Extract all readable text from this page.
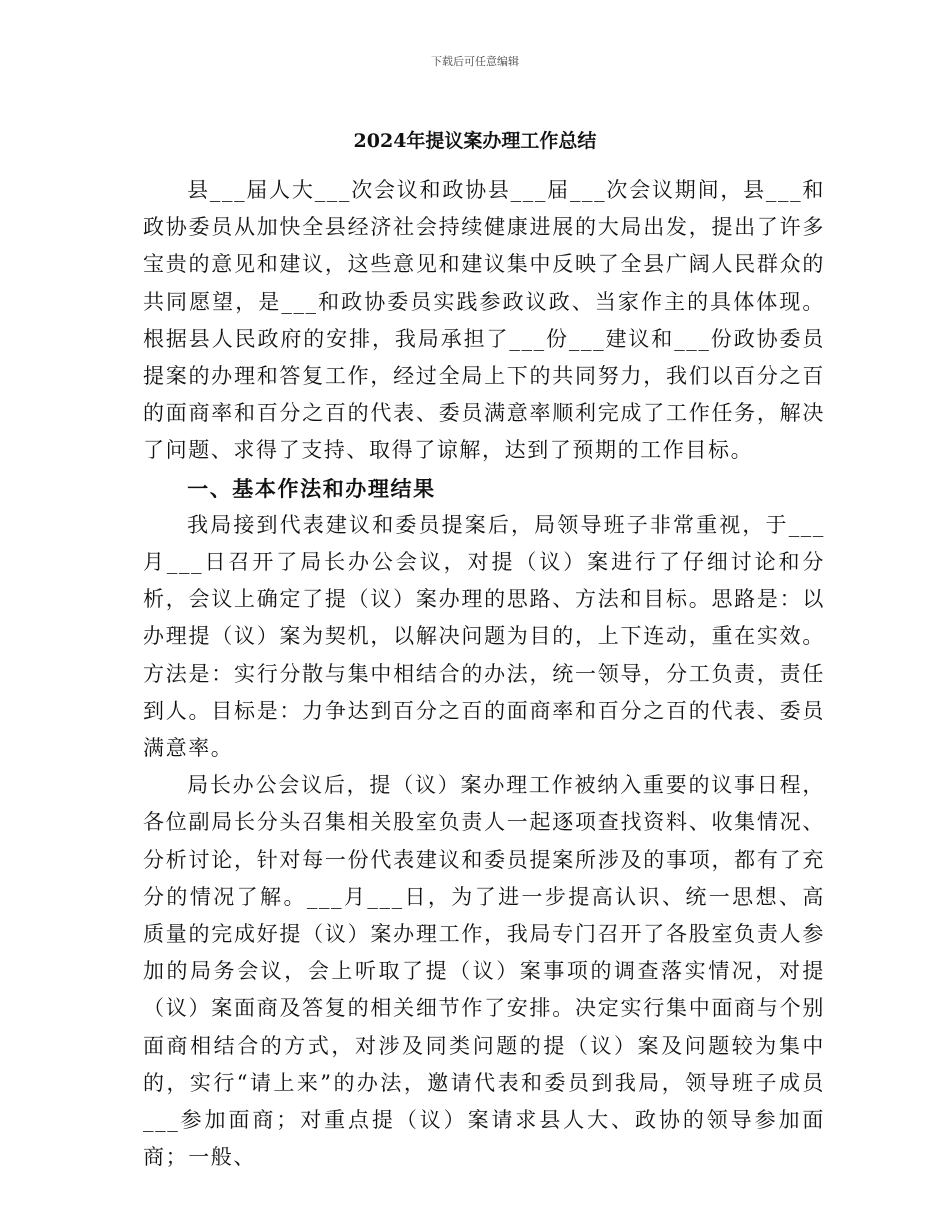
下载后可任意编辑
2024年提议案办理工作总结

县___届人大___次会议和政协县___届___次会议期间，县___和政协委员从加快全县经济社会持续健康进展的大局出发，提出了许多宝贵的意见和建议，这些意见和建议集中反映了全县广阔人民群众的共同愿望，是___和政协委员实践参政议政、当家作主的具体体现。根据县人民政府的安排，我局承担了___份___建议和___份政协委员提案的办理和答复工作，经过全局上下的共同努力，我们以百分之百的面商率和百分之百的代表、委员满意率顺利完成了工作任务，解决了问题、求得了支持、取得了谅解，达到了预期的工作目标。

一、基本作法和办理结果

我局接到代表建议和委员提案后，局领导班子非常重视，于___月___日召开了局长办公会议，对提（议）案进行了仔细讨论和分析，会议上确定了提（议）案办理的思路、方法和目标。思路是：以办理提（议）案为契机，以解决问题为目的，上下连动，重在实效。方法是：实行分散与集中相结合的办法，统一领导，分工负责，责任到人。目标是：力争达到百分之百的面商率和百分之百的代表、委员满意率。

局长办公会议后，提（议）案办理工作被纳入重要的议事日程，各位副局长分头召集相关股室负责人一起逐项查找资料、收集情况、分析讨论，针对每一份代表建议和委员提案所涉及的事项，都有了充分的情况了解。___月___日，为了进一步提高认识、统一思想、高质量的完成好提（议）案办理工作，我局专门召开了各股室负责人参加的局务会议，会上听取了提（议）案事项的调查落实情况，对提（议）案面商及答复的相关细节作了安排。决定实行集中面商与个别面商相结合的方式，对涉及同类问题的提（议）案及问题较为集中的，实行“请上来”的办法，邀请代表和委员到我局，领导班子成员___参加面商；对重点提（议）案请求县人大、政协的领导参加面商；一般、
